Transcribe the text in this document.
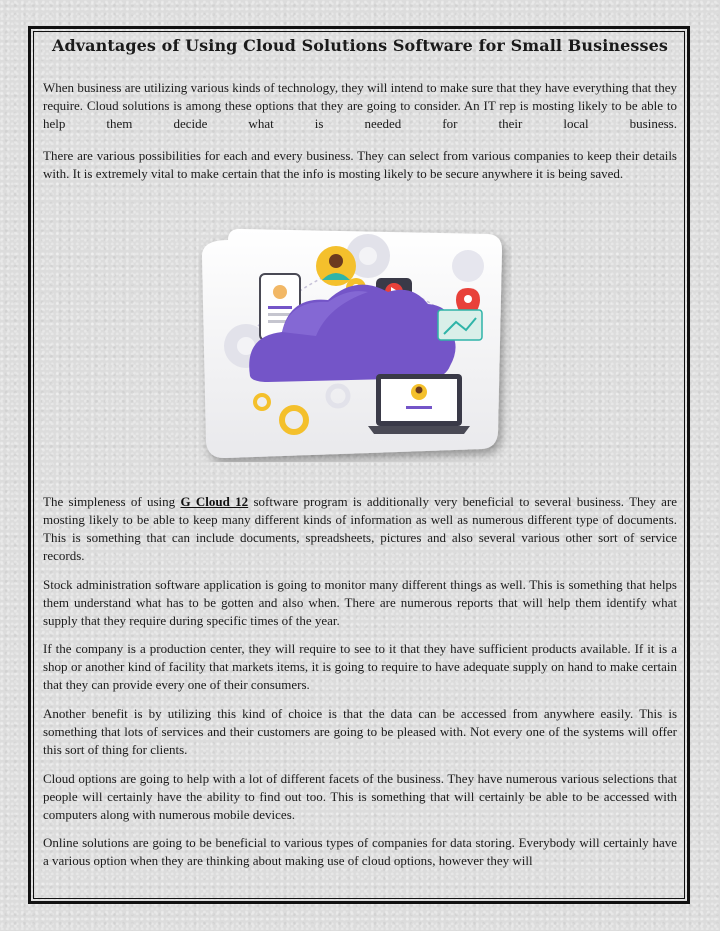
Advantages of Using Cloud Solutions Software for Small Businesses

When business are utilizing various kinds of technology, they will intend to make sure that they have everything that they require. Cloud solutions is among these options that they are going to consider. An IT rep is mosting likely to be able to help them decide what is needed for their local business.

There are various possibilities for each and every business. They can select from various companies to keep their details with. It is extremely vital to make certain that the info is mosting likely to be secure anywhere it is being saved.

The simpleness of using G Cloud 12 software program is additionally very beneficial to several business. They are mosting likely to be able to keep many different kinds of information as well as numerous different type of documents. This is something that can include documents, spreadsheets, pictures and also several various other sort of service records.

Stock administration software application is going to monitor many different things as well. This is something that helps them understand what has to be gotten and also when. There are numerous reports that will help them identify what supply that they require during specific times of the year.

If the company is a production center, they will require to see to it that they have sufficient products available. If it is a shop or another kind of facility that markets items, it is going to require to have adequate supply on hand to make certain that they can provide every one of their consumers.

Another benefit is by utilizing this kind of choice is that the data can be accessed from anywhere easily. This is something that lots of services and their customers are going to be pleased with. Not every one of the systems will offer this sort of thing for clients.

Cloud options are going to help with a lot of different facets of the business. They have numerous various selections that people will certainly have the ability to find out too. This is something that will certainly be able to be accessed with computers along with numerous mobile devices.

Online solutions are going to be beneficial to various types of companies for data storing. Everybody will certainly have a various option when they are thinking about making use of cloud options, however they will
